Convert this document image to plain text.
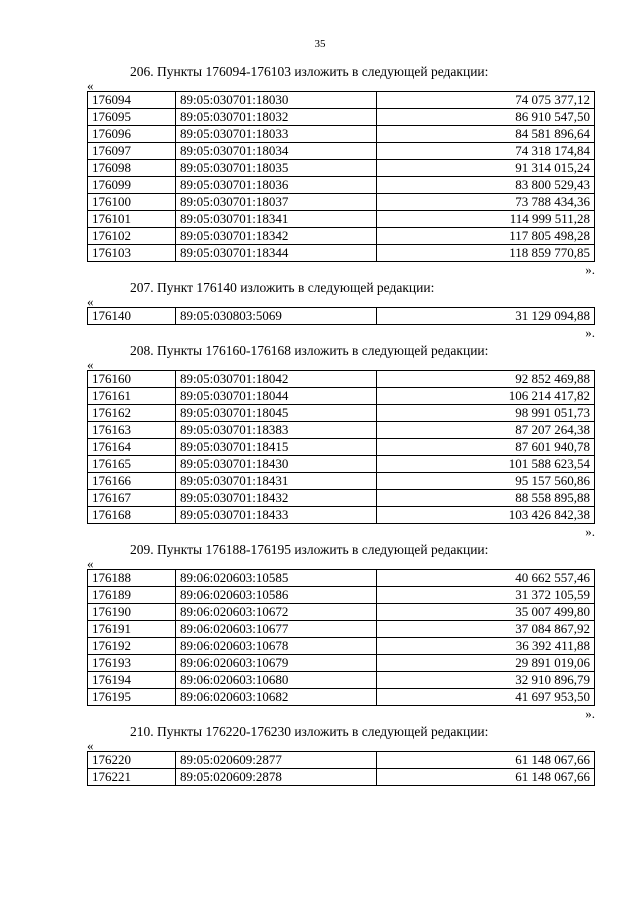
35

206. Пункты 176094-176103 изложить в следующей редакции:

«

176094	89:05:030701:18030	74 075 377,12
176095	89:05:030701:18032	86 910 547,50
176096	89:05:030701:18033	84 581 896,64
176097	89:05:030701:18034	74 318 174,84
176098	89:05:030701:18035	91 314 015,24
176099	89:05:030701:18036	83 800 529,43
176100	89:05:030701:18037	73 788 434,36
176101	89:05:030701:18341	114 999 511,28
176102	89:05:030701:18342	117 805 498,28
176103	89:05:030701:18344	118 859 770,85

».

207. Пункт 176140 изложить в следующей редакции:

«

176140	89:05:030803:5069	31 129 094,88

».

208. Пункты 176160-176168 изложить в следующей редакции:

«

176160	89:05:030701:18042	92 852 469,88
176161	89:05:030701:18044	106 214 417,82
176162	89:05:030701:18045	98 991 051,73
176163	89:05:030701:18383	87 207 264,38
176164	89:05:030701:18415	87 601 940,78
176165	89:05:030701:18430	101 588 623,54
176166	89:05:030701:18431	95 157 560,86
176167	89:05:030701:18432	88 558 895,88
176168	89:05:030701:18433	103 426 842,38

».

209. Пункты 176188-176195 изложить в следующей редакции:

«

176188	89:06:020603:10585	40 662 557,46
176189	89:06:020603:10586	31 372 105,59
176190	89:06:020603:10672	35 007 499,80
176191	89:06:020603:10677	37 084 867,92
176192	89:06:020603:10678	36 392 411,88
176193	89:06:020603:10679	29 891 019,06
176194	89:06:020603:10680	32 910 896,79
176195	89:06:020603:10682	41 697 953,50

».

210. Пункты 176220-176230 изложить в следующей редакции:

«

176220	89:05:020609:2877	61 148 067,66
176221	89:05:020609:2878	61 148 067,66
